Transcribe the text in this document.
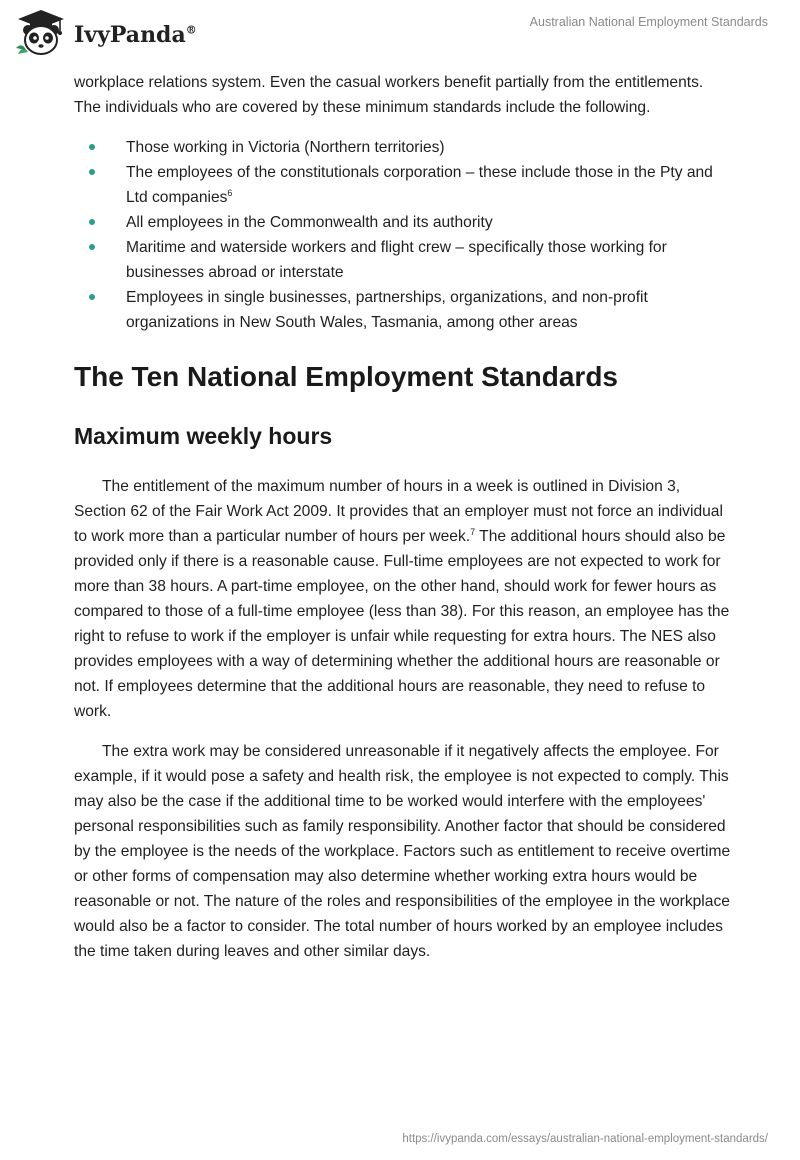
IvyPanda®
Australian National Employment Standards

workplace relations system. Even the casual workers benefit partially from the entitlements. The individuals who are covered by these minimum standards include the following.

Those working in Victoria (Northern territories)
The employees of the constitutionals corporation – these include those in the Pty and Ltd companies$^6$
All employees in the Commonwealth and its authority
Maritime and waterside workers and flight crew – specifically those working for businesses abroad or interstate
Employees in single businesses, partnerships, organizations, and non-profit organizations in New South Wales, Tasmania, among other areas
The Ten National Employment Standards
Maximum weekly hours

The entitlement of the maximum number of hours in a week is outlined in Division 3, Section 62 of the Fair Work Act 2009. It provides that an employer must not force an individual to work more than a particular number of hours per week.$^7$ The additional hours should also be provided only if there is a reasonable cause. Full-time employees are not expected to work for more than 38 hours. A part-time employee, on the other hand, should work for fewer hours as compared to those of a full-time employee (less than 38). For this reason, an employee has the right to refuse to work if the employer is unfair while requesting for extra hours. The NES also provides employees with a way of determining whether the additional hours are reasonable or not. If employees determine that the additional hours are reasonable, they need to refuse to work.

The extra work may be considered unreasonable if it negatively affects the employee. For example, if it would pose a safety and health risk, the employee is not expected to comply. This may also be the case if the additional time to be worked would interfere with the employees' personal responsibilities such as family responsibility. Another factor that should be considered by the employee is the needs of the workplace. Factors such as entitlement to receive overtime or other forms of compensation may also determine whether working extra hours would be reasonable or not. The nature of the roles and responsibilities of the employee in the workplace would also be a factor to consider. The total number of hours worked by an employee includes the time taken during leaves and other similar days.

https://ivypanda.com/essays/australian-national-employment-standards/
